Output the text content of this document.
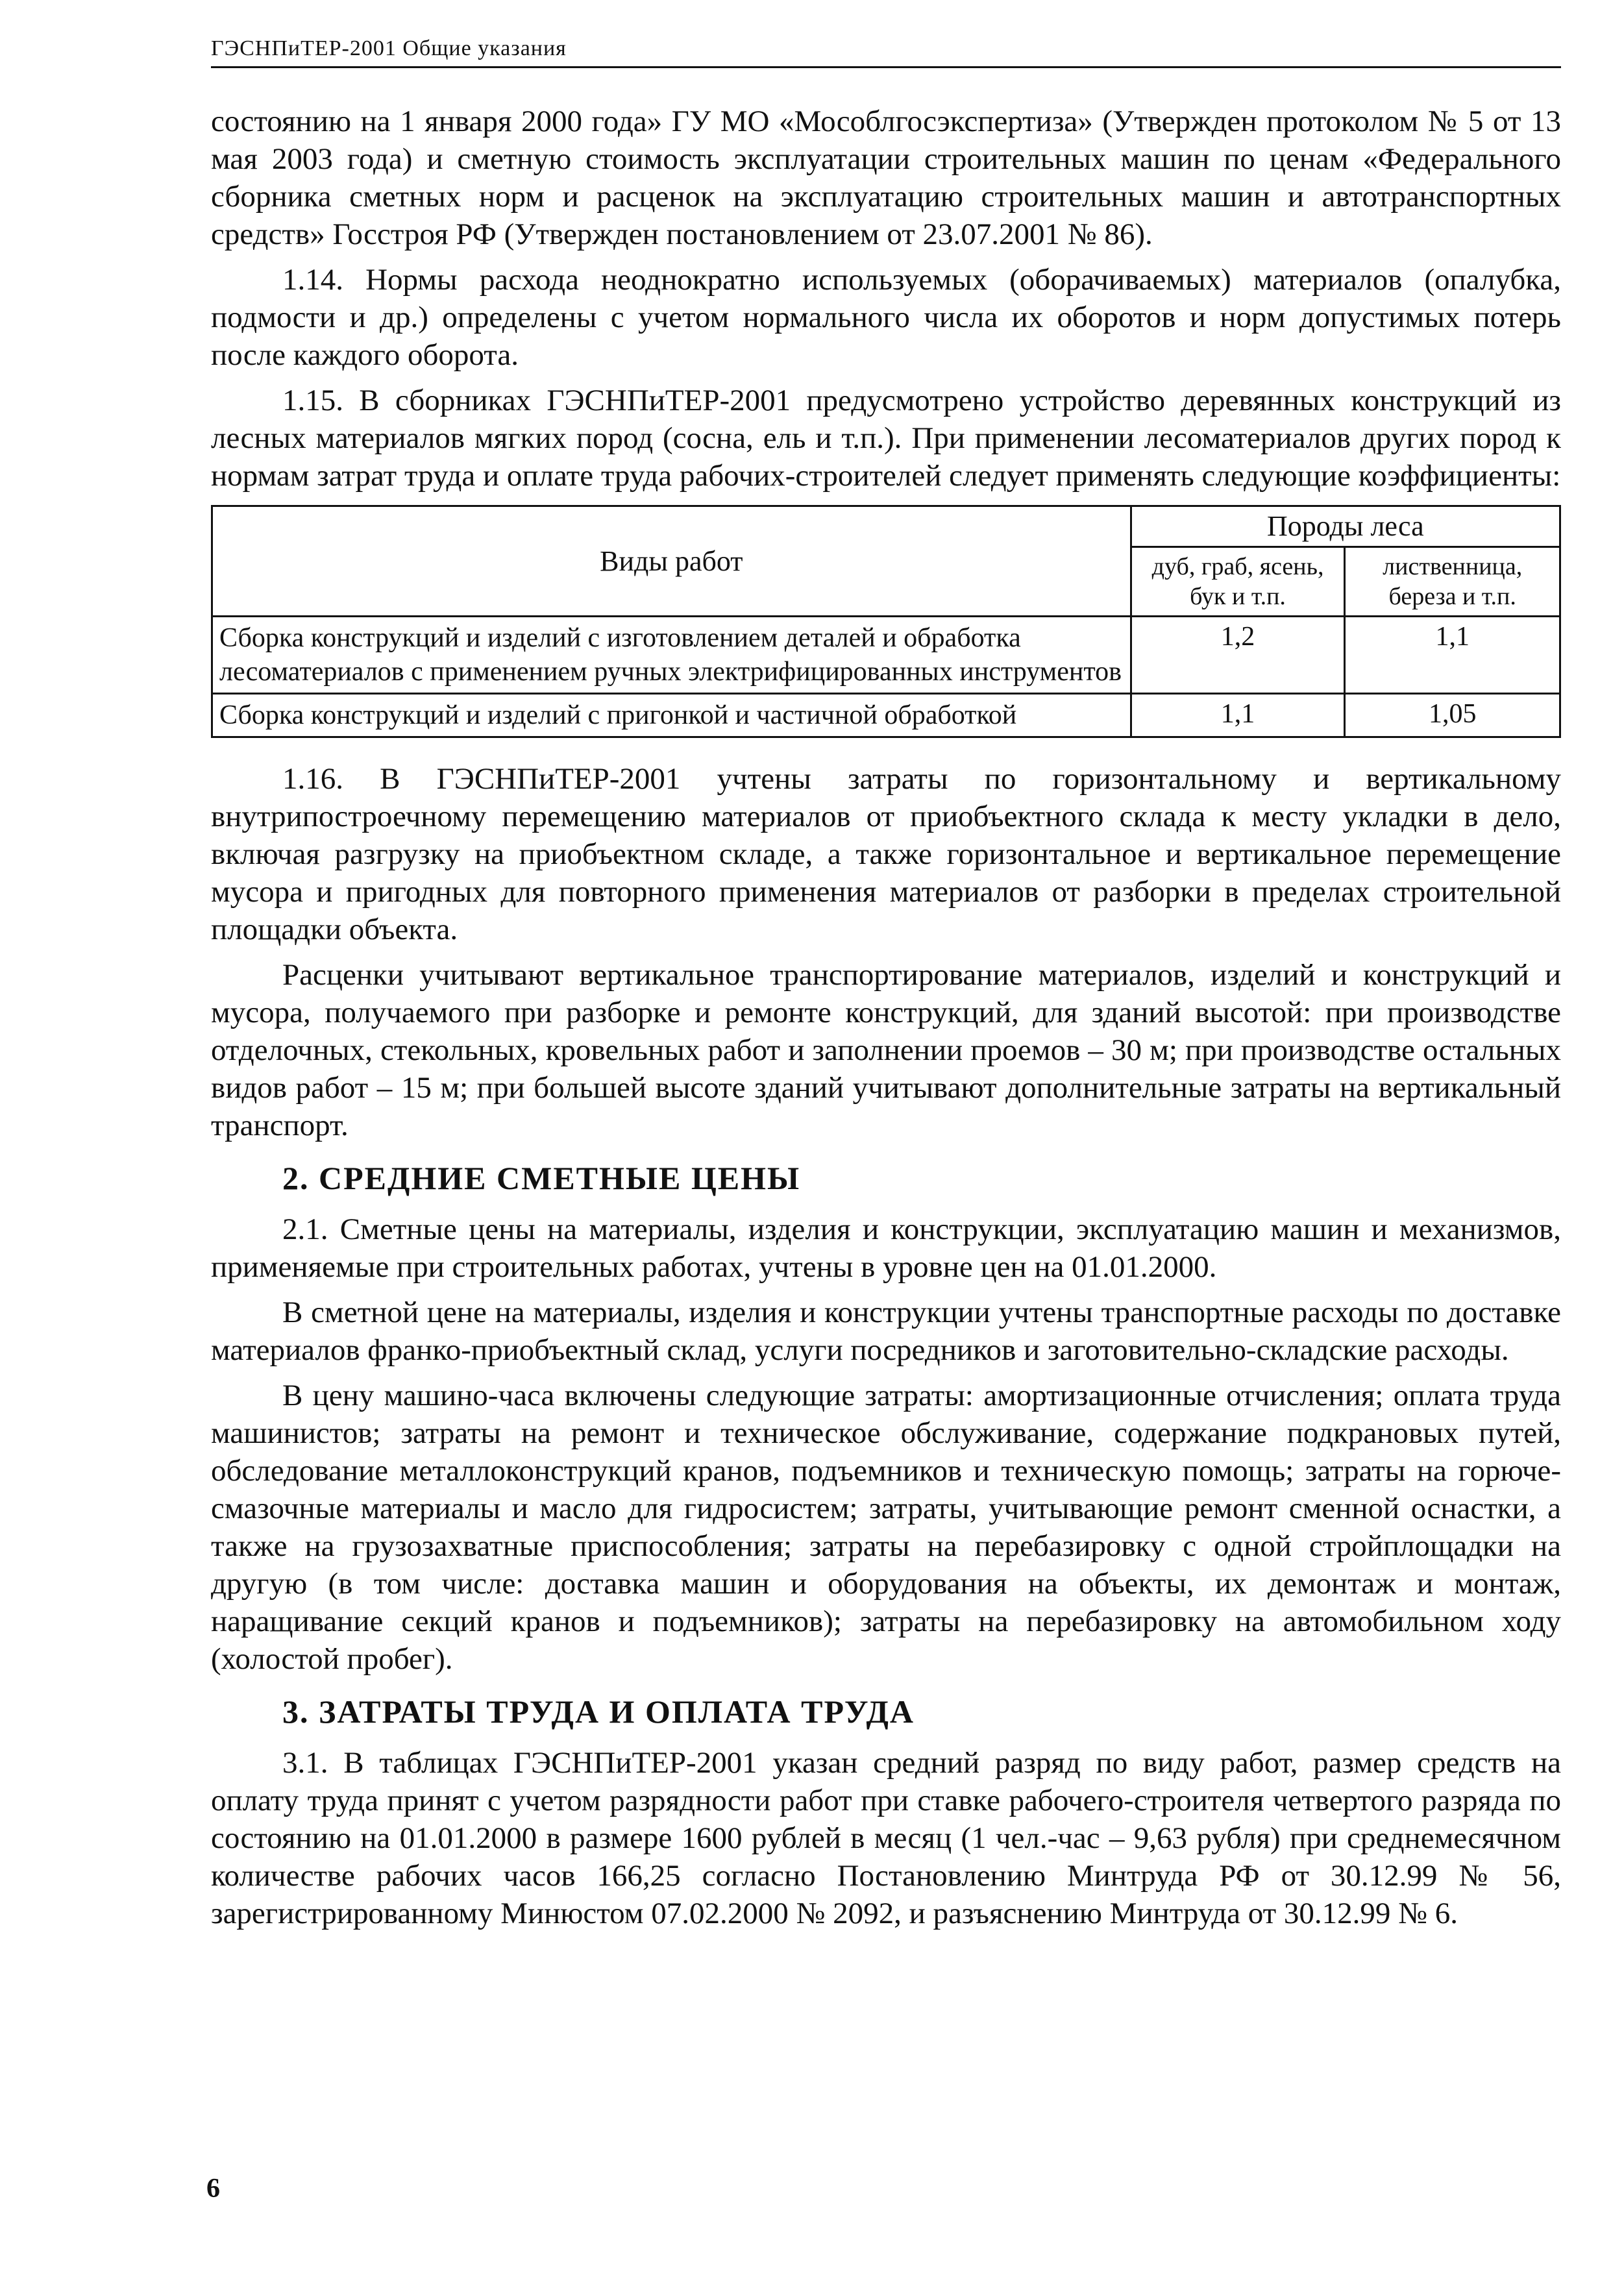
ГЭСНПиТЕР-2001 Общие указания

состоянию на 1 января 2000 года» ГУ МО «Мособлгосэкспертиза» (Утвержден протоколом № 5 от 13 мая 2003 года) и сметную стоимость эксплуатации строительных машин по ценам «Федерального сборника сметных норм и расценок на эксплуатацию строительных машин и автотранспортных средств» Госстроя РФ (Утвержден постановлением от 23.07.2001 № 86).

1.14. Нормы расхода неоднократно используемых (оборачиваемых) материалов (опалубка, подмости и др.) определены с учетом нормального числа их оборотов и норм допустимых потерь после каждого оборота.

1.15. В сборниках ГЭСНПиТЕР-2001 предусмотрено устройство деревянных конструкций из лесных материалов мягких пород (сосна, ель и т.п.). При применении лесоматериалов других пород к нормам затрат труда и оплате труда рабочих-строителей следует применять следующие коэффициенты:

Виды работ	Породы леса	
	дуб, граб, ясень, бук и т.п.	лиственница, береза и т.п.
Сборка конструкций и изделий с изготовлением деталей и обработка лесоматериалов с применением ручных электрифицированных инструментов	1,2	1,1
Сборка конструкций и изделий с пригонкой и частичной обработкой	1,1	1,05

1.16. В ГЭСНПиТЕР-2001 учтены затраты по горизонтальному и вертикальному внутрипостроечному перемещению материалов от приобъектного склада к месту укладки в дело, включая разгрузку на приобъектном складе, а также горизонтальное и вертикальное перемещение мусора и пригодных для повторного применения материалов от разборки в пределах строительной площадки объекта.

Расценки учитывают вертикальное транспортирование материалов, изделий и конструкций и мусора, получаемого при разборке и ремонте конструкций, для зданий высотой: при производстве отделочных, стекольных, кровельных работ и заполнении проемов – 30 м; при производстве остальных видов работ – 15 м; при большей высоте зданий учитывают дополнительные затраты на вертикальный транспорт.

2. СРЕДНИЕ СМЕТНЫЕ ЦЕНЫ

2.1. Сметные цены на материалы, изделия и конструкции, эксплуатацию машин и механизмов, применяемые при строительных работах, учтены в уровне цен на 01.01.2000.

В сметной цене на материалы, изделия и конструкции учтены транспортные расходы по доставке материалов франко-приобъектный склад, услуги посредников и заготовительно-складские расходы.

В цену машино-часа включены следующие затраты: амортизационные отчисления; оплата труда машинистов; затраты на ремонт и техническое обслуживание, содержание подкрановых путей, обследование металлоконструкций кранов, подъемников и техническую помощь; затраты на горюче-смазочные материалы и масло для гидросистем; затраты, учитывающие ремонт сменной оснастки, а также на грузозахватные приспособления; затраты на перебазировку с одной стройплощадки на другую (в том числе: доставка машин и оборудования на объекты, их демонтаж и монтаж, наращивание секций кранов и подъемников); затраты на перебазировку на автомобильном ходу (холостой пробег).

3. ЗАТРАТЫ ТРУДА И ОПЛАТА ТРУДА

3.1. В таблицах ГЭСНПиТЕР-2001 указан средний разряд по виду работ, размер средств на оплату труда принят с учетом разрядности работ при ставке рабочего-строителя четвертого разряда по состоянию на 01.01.2000 в размере 1600 рублей в месяц (1 чел.-час – 9,63 рубля) при среднемесячном количестве рабочих часов 166,25 согласно Постановлению Минтруда РФ от 30.12.99 № 56, зарегистрированному Минюстом 07.02.2000 № 2092, и разъяснению Минтруда от 30.12.99 № 6.

6
